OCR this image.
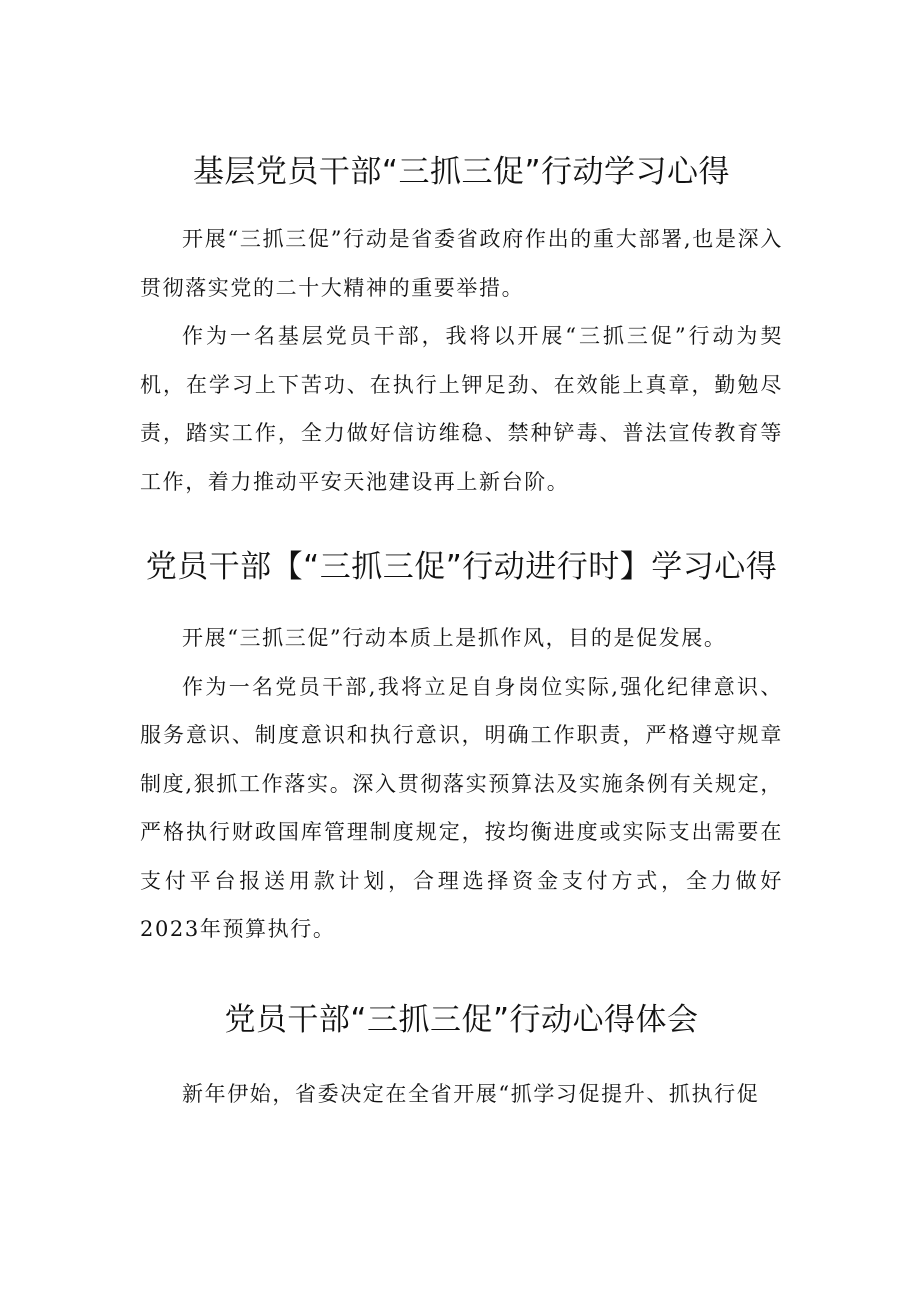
基层党员干部“三抓三促”行动学习心得

开展“三抓三促”行动是省委省政府作出的重大部署,也是深入贯彻落实党的二十大精神的重要举措。

作为一名基层党员干部，我将以开展“三抓三促”行动为契机，在学习上下苦功、在执行上钾足劲、在效能上真章，勤勉尽责，踏实工作，全力做好信访维稳、禁种铲毒、普法宣传教育等工作，着力推动平安天池建设再上新台阶。

党员干部【“三抓三促”行动进行时】学习心得

开展“三抓三促”行动本质上是抓作风，目的是促发展。

作为一名党员干部,我将立足自身岗位实际,强化纪律意识、服务意识、制度意识和执行意识，明确工作职责，严格遵守规章制度,狠抓工作落实。深入贯彻落实预算法及实施条例有关规定，严格执行财政国库管理制度规定，按均衡进度或实际支出需要在支付平台报送用款计划，合理选择资金支付方式，全力做好2023年预算执行。

党员干部“三抓三促”行动心得体会

新年伊始，省委决定在全省开展“抓学习促提升、抓执行促
